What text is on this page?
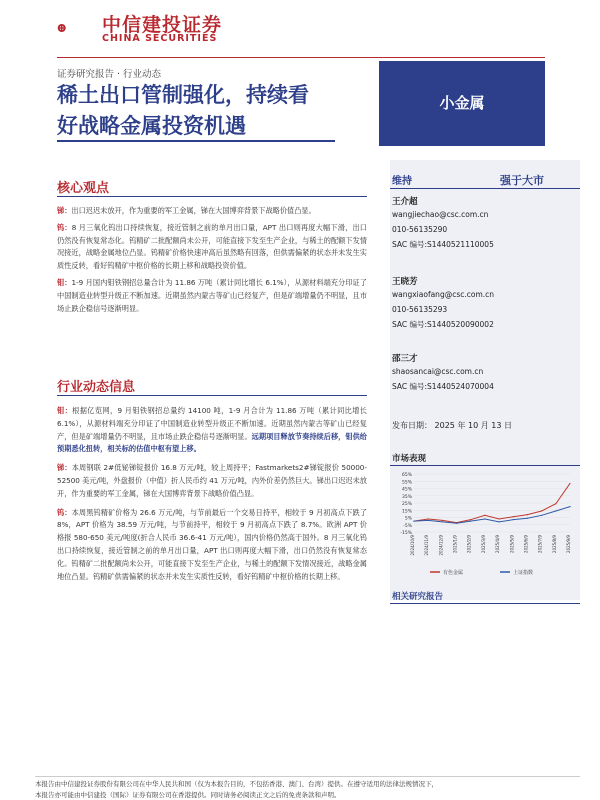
中信建投证券
CHINA SECURITIES
证券研究报告 · 行业动态
稀土出口管制强化，持续看
好战略金属投资机遇
小金属
核心观点

锑：出口迟迟未放开，作为重要的军工金属，锑在大国博弈背景下战略价值凸显。

钨：8 月三氧化钨出口持续恢复，接近管制之前的单月出口量，APT 出口则再度大幅下滑，出口仍然没有恢复常态化。钨精矿二批配额尚未公开，可能直接下发至生产企业，与稀土的配额下发情况接近，战略金属地位凸显。钨精矿价格快速冲高后虽然略有回落，但供需偏紧的状态并未发生实质性反转，看好钨精矿中枢价格的长期上移和战略投资价值。

钼：1-9 月国内钼铁钢招总量合计为 11.86 万吨（累计同比增长 6.1%），从源材料端充分印证了中国制造业转型升级正不断加速。近期虽然内蒙古等矿山已经复产，但是矿端增量仍不明显，且市场止跌企稳信号逐渐明显。

行业动态信息

钼：根据亿览网，9 月钼铁钢招总量约 14100 吨，1-9 月合计为 11.86 万吨（累计同比增长 6.1%），从源材料端充分印证了中国制造业转型升级正不断加速。近期虽然内蒙古等矿山已经复产，但是矿端增量仍不明显，且市场止跌企稳信号逐渐明显。远期项目释放节奏持续后移，钼供给预期悉化扭转，相关标的估值中枢有望上移。

锑：本周钢联 2#低铋锑锭报价 16.8 万元/吨，较上周持平；Fastmarkets2#锑锭报价 50000-52500 美元/吨，外盘报价（中值）折人民币约 41 万元/吨，内外价差仍然巨大。锑出口迟迟未放开，作为重要的军工金属，锑在大国博弈背景下战略价值凸显。

钨：本周黑钨精矿价格为 26.6 万元/吨，与节前最后一个交易日持平，相较于 9 月初高点下跌了 8%，APT 价格为 38.59 万元/吨，与节前持平，相较于 9 月初高点下跌了 8.7%。欧洲 APT 价格报 580-650 美元/吨度(折合人民币 36.6-41 万元/吨），国内价格仍然高于国外。8 月三氧化钨出口持续恢复，接近管制之前的单月出口量，APT 出口则再度大幅下滑，出口仍然没有恢复常态化。钨精矿二批配额尚未公开，可能直接下发至生产企业，与稀土的配额下发情况接近，战略金属地位凸显。钨精矿供需偏紧的状态并未发生实质性反转，看好钨精矿中枢价格的长期上移。

维持	强于大市
王介超
wangjiechao@csc.com.cn
010-56135290
SAC 编号:S1440521110005
王晓芳
wangxiaofang@csc.com.cn
010-56135293
SAC 编号:S1440520090002
邵三才
shaosancai@csc.com.cn
SAC 编号:S1440524070004
发布日期： 2025 年 10 月 13 日
市场表现
65%
55%
45%
35%
25%
15%
5%
-5%
-15%
2024/10/9 2024/11/9 2024/12/9 2025/1/9 2025/2/9 2025/3/9 2025/4/9 2025/5/9 2025/6/9 2025/7/9 2025/8/9 2025/9/9
有色金属	上证指数
相关研究报告
本报告由中信建投证券股份有限公司在中华人民共和国（仅为本报告目的，不包括香港、澳门、台湾）提供。在遵守适用的法律法规情况下，
本报告亦可能由中信建投（国际）证券有限公司在香港提供。同时请务必阅读正文之后的免责条款和声明。
